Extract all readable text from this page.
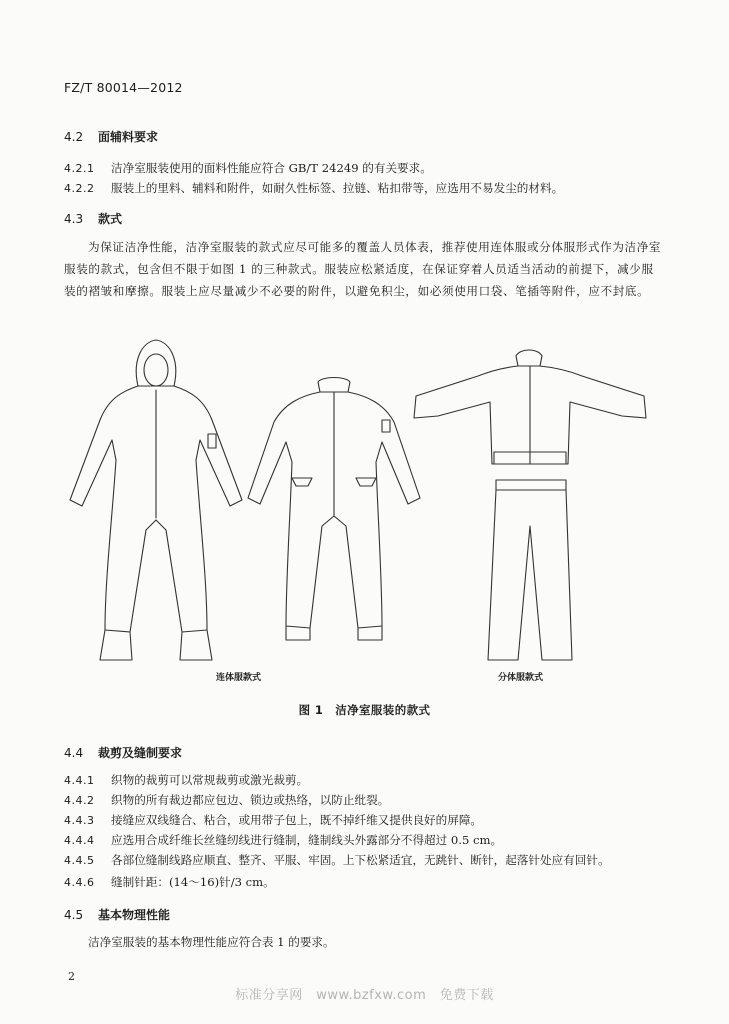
FZ/T 80014—2012
4.2 面辅料要求
4.2.1 洁净室服装使用的面料性能应符合 GB/T 24249 的有关要求。
4.2.2 服装上的里料、辅料和附件，如耐久性标签、拉链、粘扣带等，应选用不易发尘的材料。
4.3 款式
为保证洁净性能，洁净室服装的款式应尽可能多的覆盖人员体表，推荐使用连体服或分体服形式作为洁净室服装的款式，包含但不限于如图 1 的三种款式。服装应松紧适度，在保证穿着人员适当活动的前提下，减少服装的褶皱和摩擦。服装上应尽量减少不必要的附件，以避免积尘，如必须使用口袋、笔插等附件，应不封底。
连体服款式	分体服款式
图 1　洁净室服装的款式
4.4 裁剪及缝制要求
4.4.1 织物的裁剪可以常规裁剪或激光裁剪。
4.4.2 织物的所有裁边都应包边、锁边或热络，以防止纰裂。
4.4.3 接缝应双线缝合、粘合，或用带子包上，既不掉纤维又提供良好的屏障。
4.4.4 应选用合成纤维长丝缝纫线进行缝制，缝制线头外露部分不得超过 0.5 cm。
4.4.5 各部位缝制线路应顺直、整齐、平服、牢固。上下松紧适宜，无跳针、断针，起落针处应有回针。
4.4.6 缝制针距：(14～16)针/3 cm。
4.5 基本物理性能
洁净室服装的基本物理性能应符合表 1 的要求。
2
标准分享网　www.bzfxw.com　免费下载
